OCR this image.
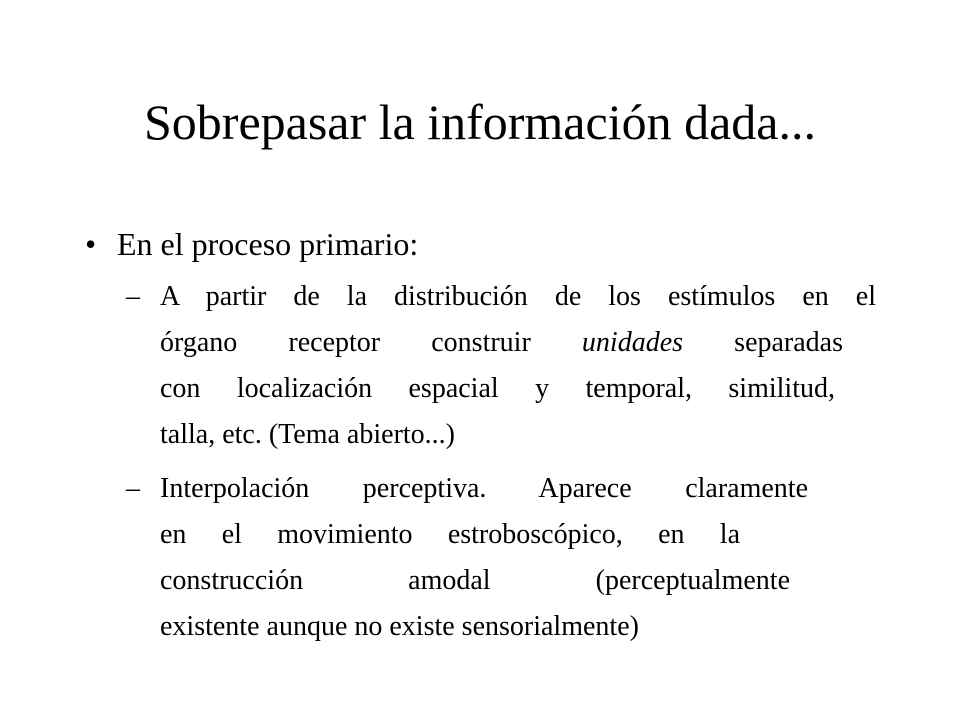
Sobrepasar la información dada...
• En el proceso primario:
– A partir de la distribución de los estímulos en el
órgano receptor construir unidades separadas
con localización espacial y temporal, similitud,
talla, etc. (Tema abierto...)
– Interpolación perceptiva. Aparece claramente
en el movimiento estroboscópico, en la
construcción amodal (perceptualmente
existente aunque no existe sensorialmente)
